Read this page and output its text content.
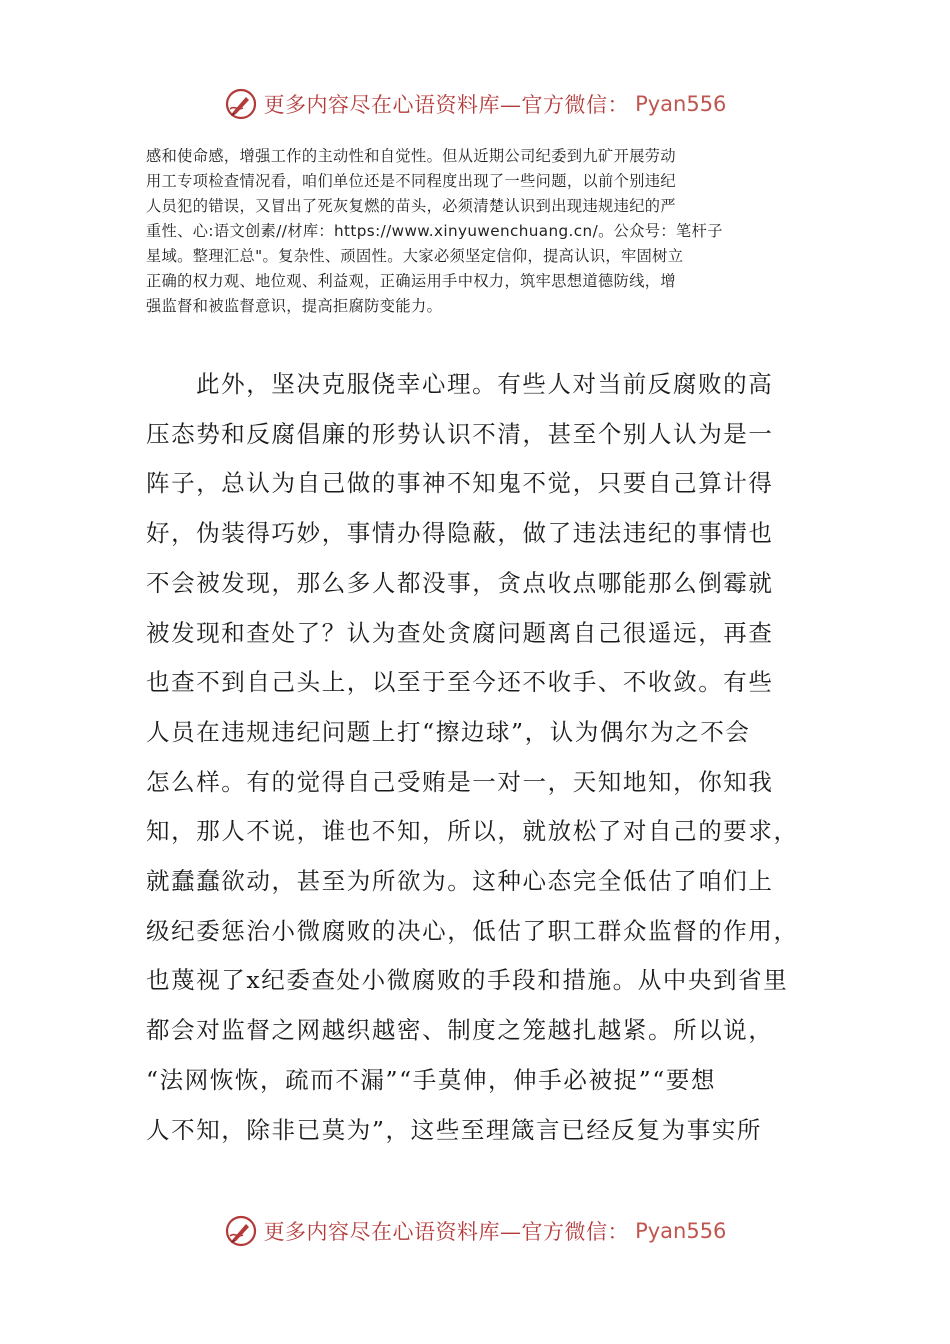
更多内容尽在心语资料库—官方微信： Pyan556
感和使命感，增强工作的主动性和自觉性。但从近期公司纪委到九矿开展劳动
用工专项检查情况看，咱们单位还是不同程度出现了一些问题，以前个别违纪
人员犯的错误，又冒出了死灰复燃的苗头，必须清楚认识到出现违规违纪的严
重性、心:语文创素//材库：https://www.xinyuwenchuang.cn/。公众号：笔杆子
星域。整理汇总"。复杂性、顽固性。大家必须坚定信仰，提高认识，牢固树立
正确的权力观、地位观、利益观，正确运用手中权力，筑牢思想道德防线，增
强监督和被监督意识，提高拒腐防变能力。
此外，坚决克服侥幸心理。有些人对当前反腐败的高
压态势和反腐倡廉的形势认识不清，甚至个别人认为是一
阵子，总认为自己做的事神不知鬼不觉，只要自己算计得
好，伪装得巧妙，事情办得隐蔽，做了违法违纪的事情也
不会被发现，那么多人都没事，贪点收点哪能那么倒霉就
被发现和查处了？认为查处贪腐问题离自己很遥远，再查
也查不到自己头上，以至于至今还不收手、不收敛。有些
人员在违规违纪问题上打“擦边球”，认为偶尔为之不会
怎么样。有的觉得自己受贿是一对一，天知地知，你知我
知，那人不说，谁也不知，所以，就放松了对自己的要求，
就蠢蠢欲动，甚至为所欲为。这种心态完全低估了咱们上
级纪委惩治小微腐败的决心，低估了职工群众监督的作用，
也蔑视了x纪委查处小微腐败的手段和措施。从中央到省里
都会对监督之网越织越密、制度之笼越扎越紧。所以说，
“法网恢恢，疏而不漏”“手莫伸，伸手必被捉”“要想
人不知，除非已莫为”，这些至理箴言已经反复为事实所
更多内容尽在心语资料库—官方微信： Pyan556
